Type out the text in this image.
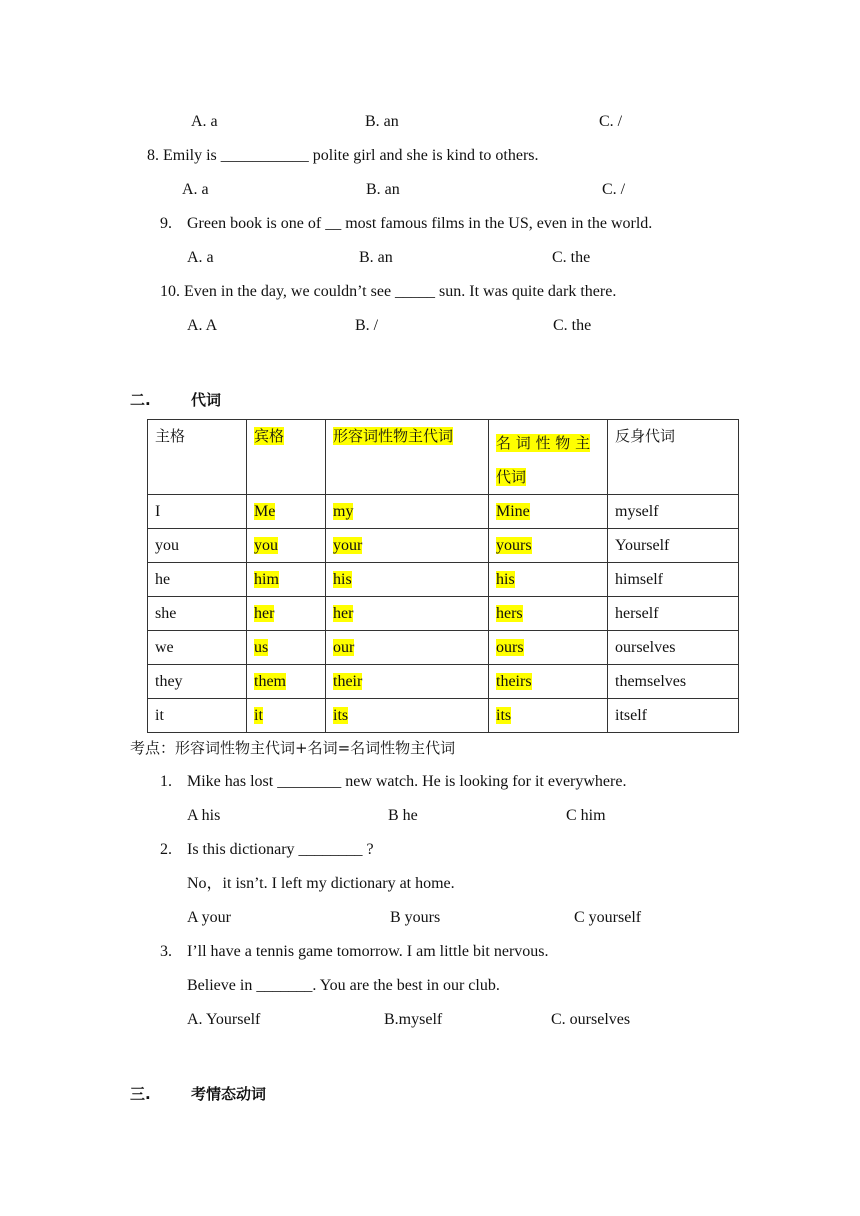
A. a	B. an	C. /
8. Emily is ___________ polite girl and she is kind to others.
A. a	B. an	C. /
9. Green book is one of __ most famous films in the US, even in the world.
A. a	B. an	C. the
10. Even in the day, we couldn’t see _____ sun. It was quite dark there.
A. A	B. /	C. the
二.	代词
主格	宾格	形容词性物主代词	名 词 性 物 主 代词	反身代词
I	Me	my	Mine	myself
you	you	your	yours	Yourself
he	him	his	his	himself
she	her	her	hers	herself
we	us	our	ours	ourselves
they	them	their	theirs	themselves
it	it	its	its	itself
考点：形容词性物主代词+名词=名词性物主代词
1. Mike has lost ________ new watch. He is looking for it everywhere.
A his	B he	C him
2. Is this dictionary ________ ?
No，it isn’t. I left my dictionary at home.
A your	B yours	C yourself
3. I’ll have a tennis game tomorrow. I am little bit nervous.
Believe in _______. You are the best in our club.
A. Yourself	B.myself	C. ourselves
三.	考情态动词
